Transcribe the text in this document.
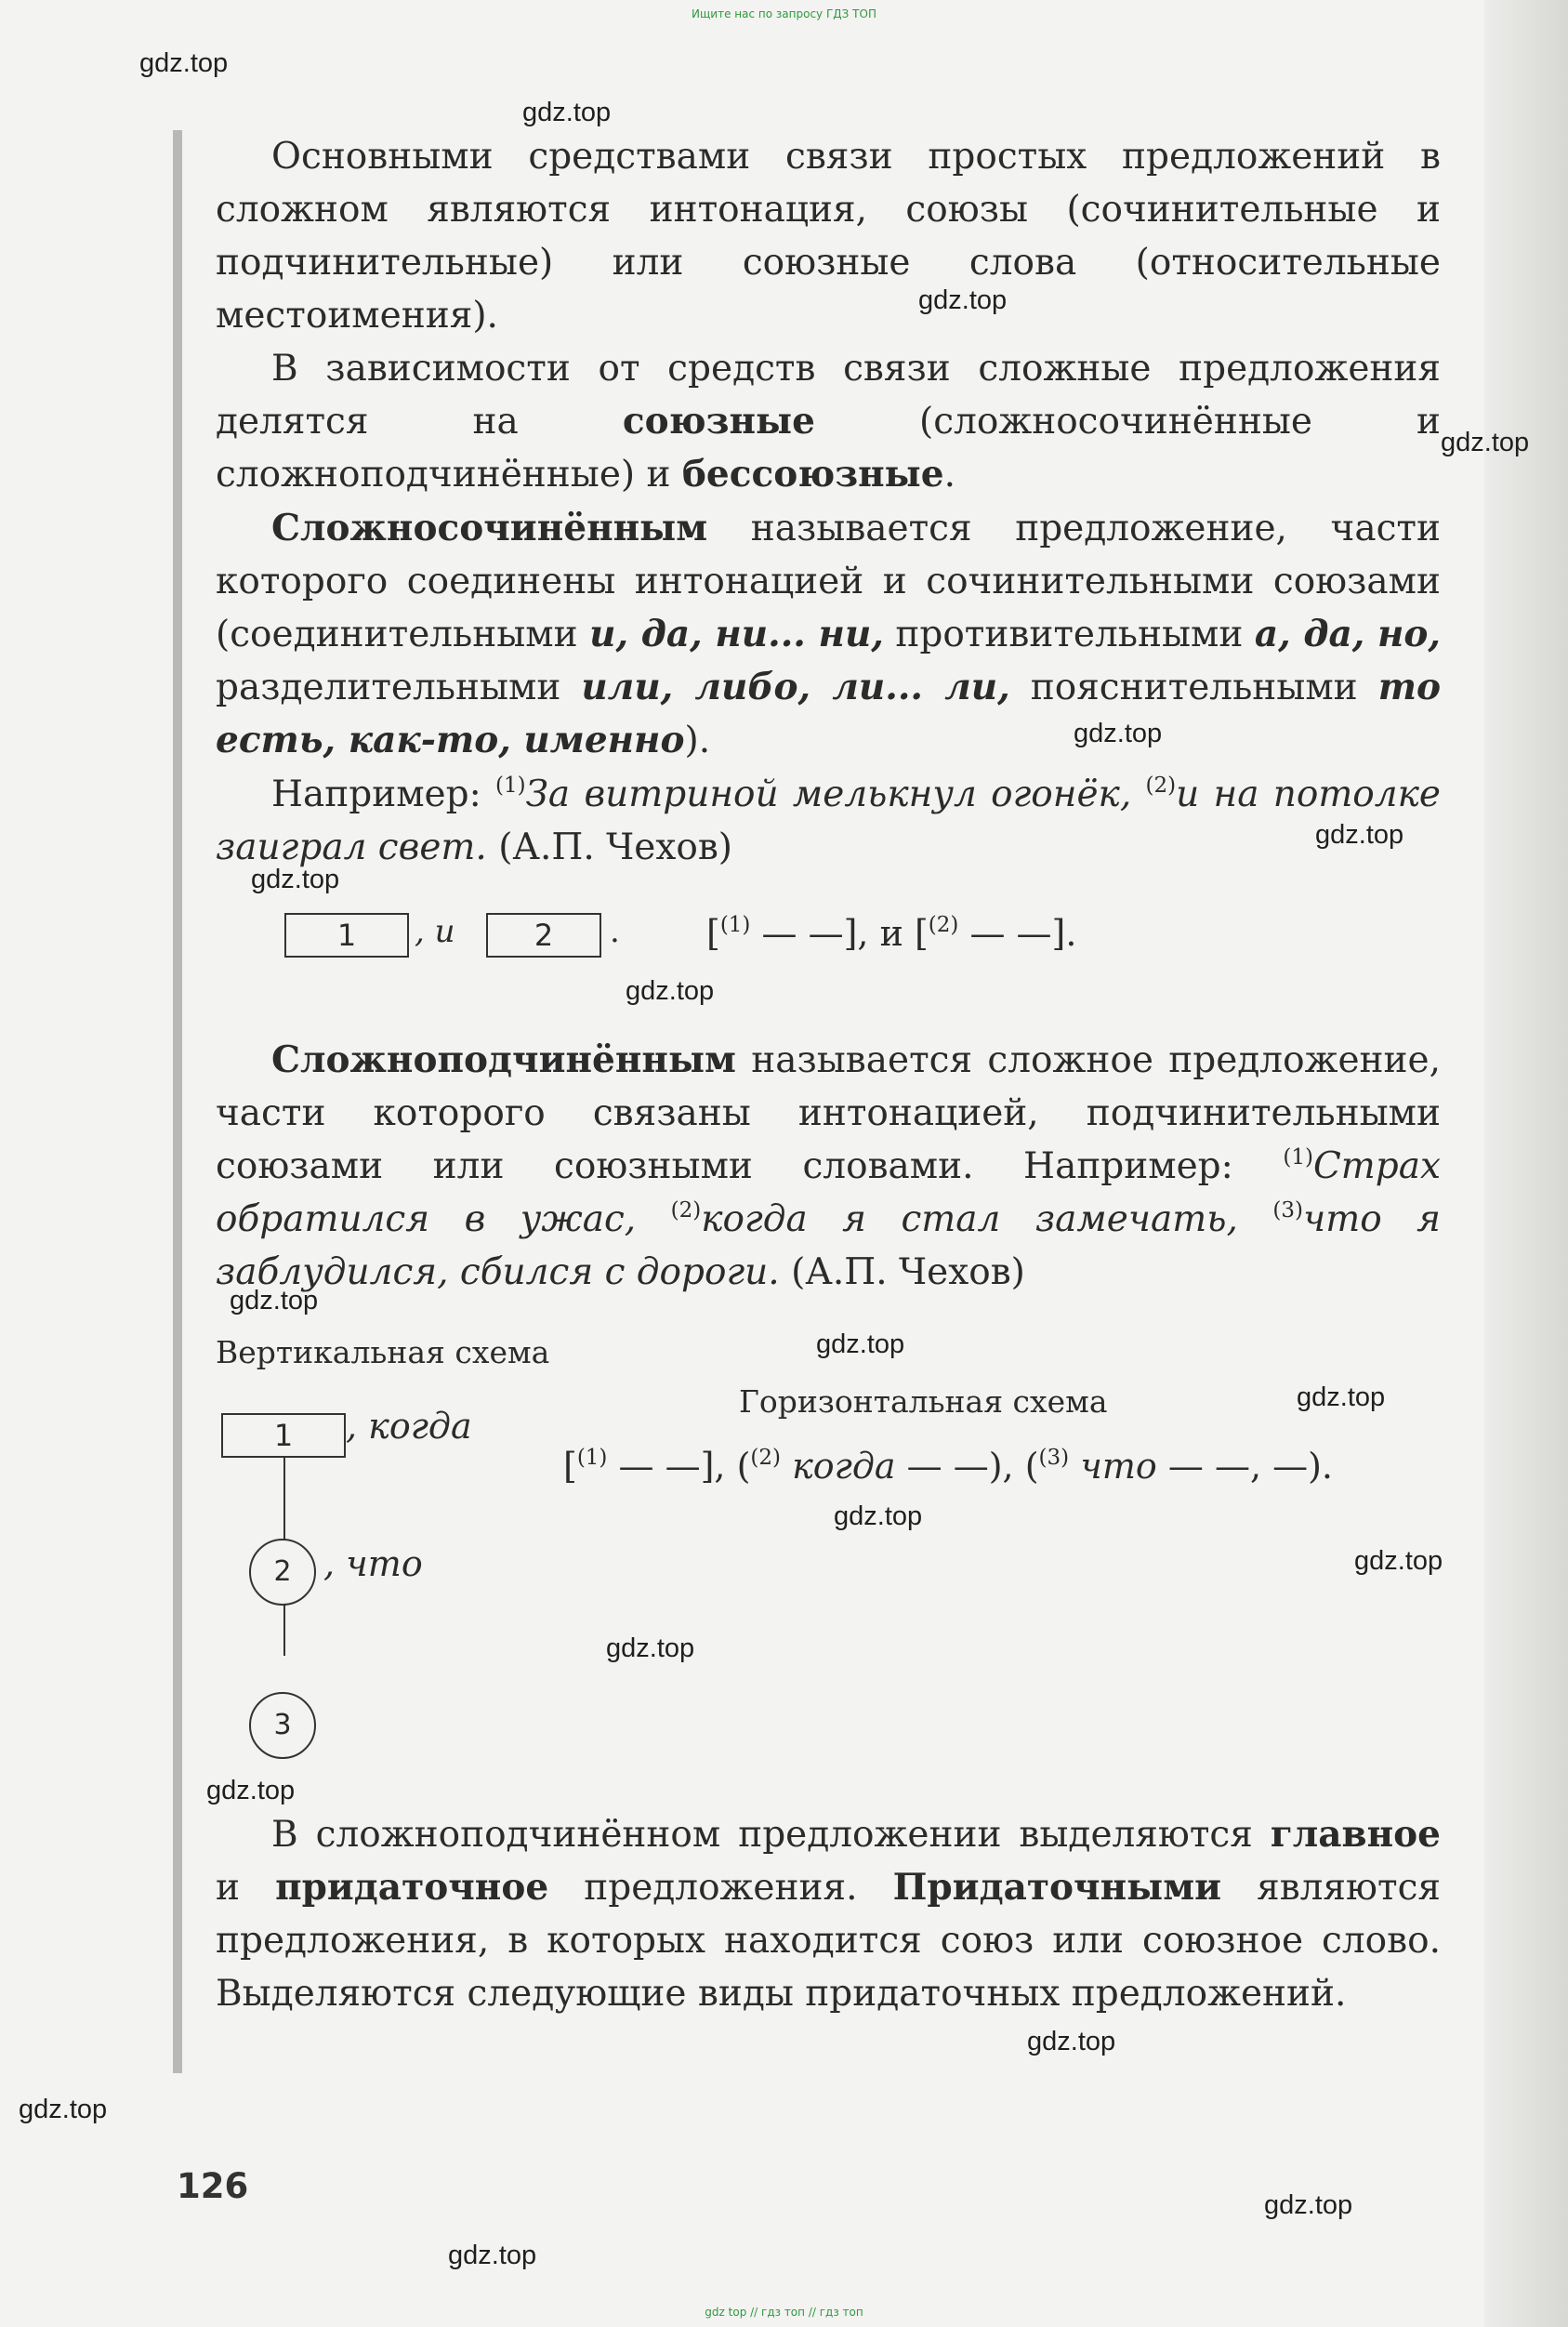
Ищите нас по запросу ГДЗ ТОП
gdz.top
gdz.top
gdz.top
gdz.top
gdz.top
gdz.top
gdz.top
gdz.top
gdz.top
gdz.top
gdz.top
gdz.top
gdz.top
gdz.top
gdz.top
gdz.top
gdz.top
gdz.top
gdz.top

Основными средствами связи простых предложений в сложном являются интонация, союзы (сочинительные и подчинительные) или союзные слова (относительные местоимения).

В зависимости от средств связи сложные предложения делятся на союзные (сложносочинённые и сложноподчинённые) и бессоюзные.

Сложносочинённым называется предложение, части которого соединены интонацией и сочинительными союзами (соединительными и, да, ни... ни, противительными а, да, но, разделительными или, либо, ли... ли, пояснительными то есть, как-то, именно).

Например: $^{(1)}$За витриной мелькнул огонёк, $^{(2)}$и на потолке заиграл свет. (А.П. Чехов)

1	, и	2	. [$^{(1)}$ — —], и [$^{(2)}$ — —].

Сложноподчинённым называется сложное предложение, части которого связаны интонацией, подчинительными союзами или союзными словами. Например: $^{(1)}$Страх обратился в ужас, $^{(2)}$когда я стал замечать, $^{(3)}$что я заблудился, сбился с дороги. (А.П. Чехов)

Вертикальная схема
Горизонтальная схема
1	, когда
2 , что
3
[$^{(1)}$ — —], ($^{(2)}$ когда — —), ($^{(3)}$ что — —, —).

В сложноподчинённом предложении выделяются главное и придаточное предложения. Придаточными являются предложения, в которых находится союз или союзное слово. Выделяются следующие виды придаточных предложений.

126
gdz top // гдз топ // гдз топ
